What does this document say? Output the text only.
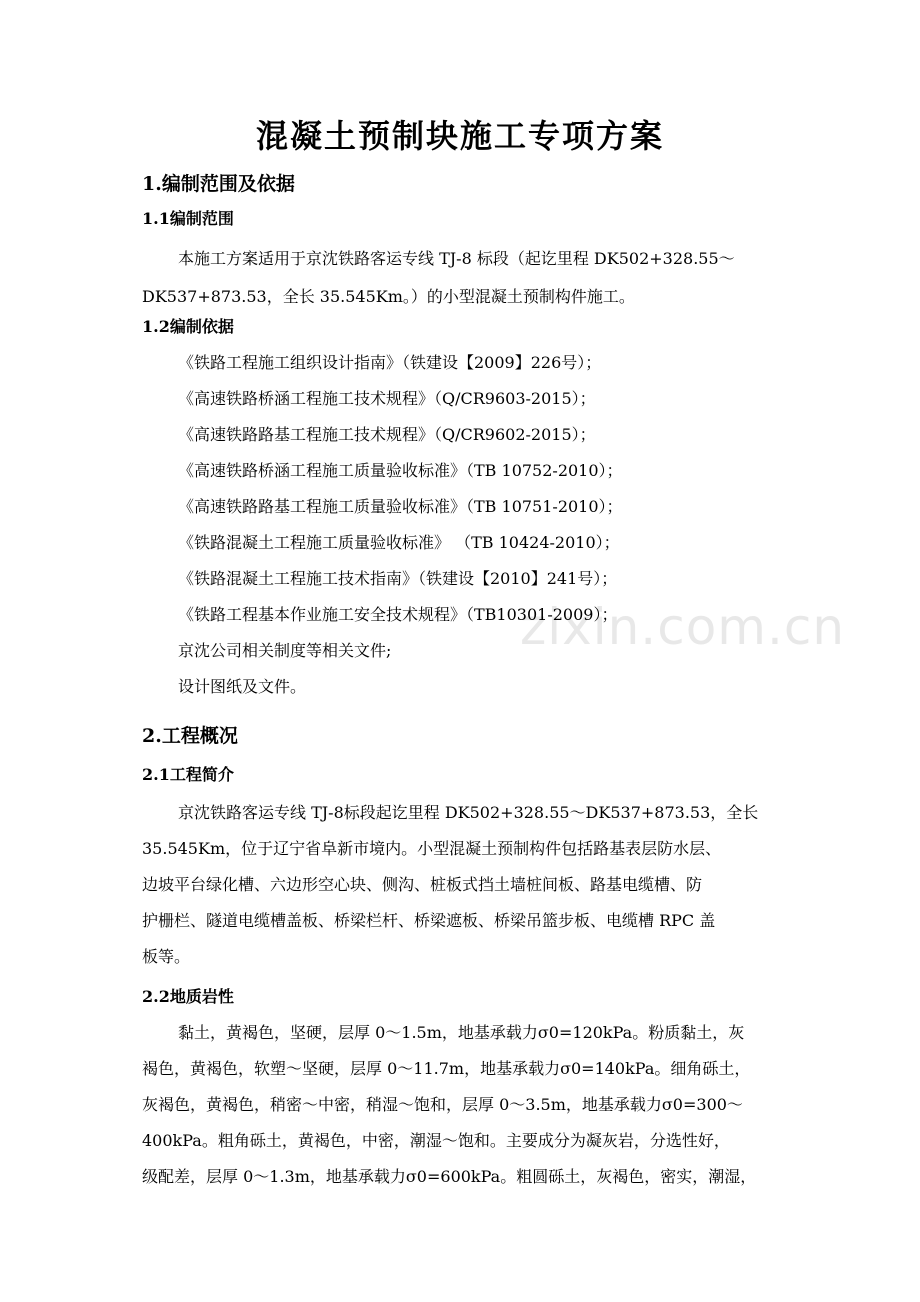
zixin.com.cn
混凝土预制块施工专项方案
1.编制范围及依据
1.1编制范围
本施工方案适用于京沈铁路客运专线 TJ-8 标段（起讫里程 DK502+328.55～
DK537+873.53，全长 35.545Km。）的小型混凝土预制构件施工。
1.2编制依据
《铁路工程施工组织设计指南》（铁建设【2009】226号）；
《高速铁路桥涵工程施工技术规程》（Q/CR9603-2015）；
《高速铁路路基工程施工技术规程》（Q/CR9602-2015）；
《高速铁路桥涵工程施工质量验收标准》（TB 10752-2010）；
《高速铁路路基工程施工质量验收标准》（TB 10751-2010）；
《铁路混凝土工程施工质量验收标准》 （TB 10424-2010）；
《铁路混凝土工程施工技术指南》（铁建设【2010】241号）；
《铁路工程基本作业施工安全技术规程》（TB10301-2009）；
京沈公司相关制度等相关文件;
设计图纸及文件。
2.工程概况
2.1工程简介
京沈铁路客运专线 TJ-8标段起讫里程 DK502+328.55～DK537+873.53，全长
35.545Km，位于辽宁省阜新市境内。小型混凝土预制构件包括路基表层防水层、
边坡平台绿化槽、六边形空心块、侧沟、桩板式挡土墙桩间板、路基电缆槽、防
护栅栏、隧道电缆槽盖板、桥梁栏杆、桥梁遮板、桥梁吊篮步板、电缆槽 RPC 盖
板等。
2.2地质岩性
黏土，黄褐色，坚硬，层厚 0～1.5m，地基承载力σ0=120kPa。粉质黏土，灰
褐色，黄褐色，软塑～坚硬，层厚 0～11.7m，地基承载力σ0=140kPa。细角砾土，
灰褐色，黄褐色，稍密～中密，稍湿～饱和，层厚 0～3.5m，地基承载力σ0=300～
400kPa。粗角砾土，黄褐色，中密，潮湿～饱和。主要成分为凝灰岩，分选性好，
级配差，层厚 0～1.3m，地基承载力σ0=600kPa。粗圆砾土，灰褐色，密实，潮湿，
